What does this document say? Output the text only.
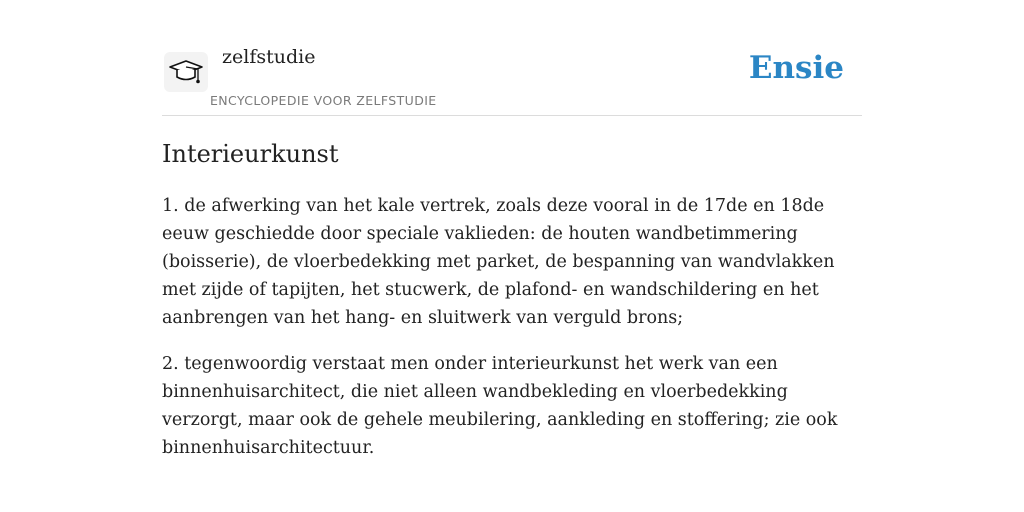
zelfstudie
ENCYCLOPEDIE VOOR ZELFSTUDIE
Ensie
Interieurkunst

1. de afwerking van het kale vertrek, zoals deze vooral in de 17de en 18de eeuw geschiedde door speciale vaklieden: de houten wandbetimmering (boisserie), de vloerbedekking met parket, de bespanning van wandvlakken met zijde of tapijten, het stucwerk, de plafond- en wandschildering en het aanbrengen van het hang- en sluitwerk van verguld brons;

2. tegenwoordig verstaat men onder interieurkunst het werk van een binnenhuisarchitect, die niet alleen wandbekleding en vloerbedekking verzorgt, maar ook de gehele meubilering, aankleding en stoffering; zie ook binnenhuisarchitectuur.
